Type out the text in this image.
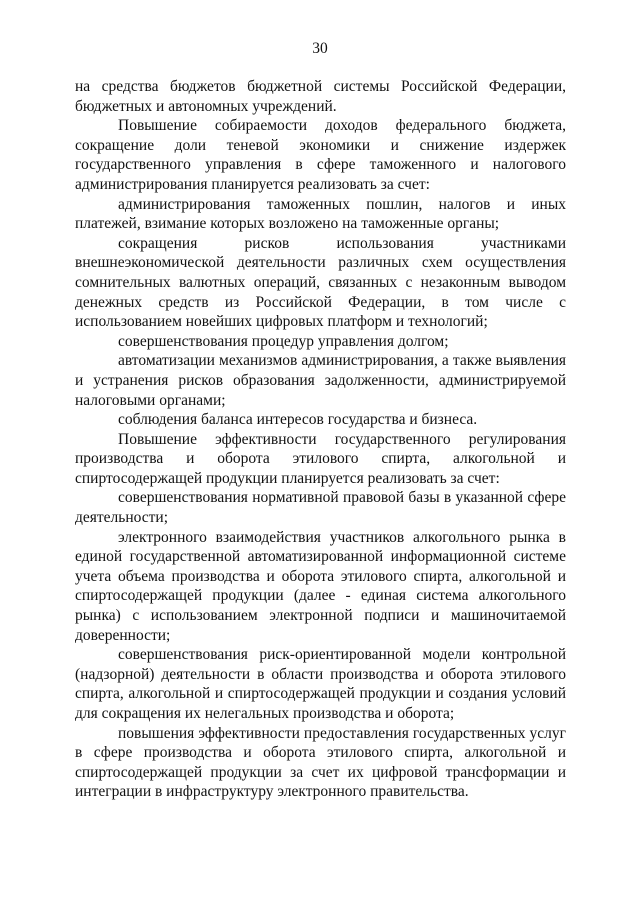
30

на средства бюджетов бюджетной системы Российской Федерации, бюджетных и автономных учреждений.

Повышение собираемости доходов федерального бюджета, сокращение доли теневой экономики и снижение издержек государственного управления в сфере таможенного и налогового администрирования планируется реализовать за счет:

администрирования таможенных пошлин, налогов и иных платежей, взимание которых возложено на таможенные органы;

сокращения рисков использования участниками внешнеэкономической деятельности различных схем осуществления сомнительных валютных операций, связанных с незаконным выводом денежных средств из Российской Федерации, в том числе с использованием новейших цифровых платформ и технологий;

совершенствования процедур управления долгом;

автоматизации механизмов администрирования, а также выявления и устранения рисков образования задолженности, администрируемой налоговыми органами;

соблюдения баланса интересов государства и бизнеса.

Повышение эффективности государственного регулирования производства и оборота этилового спирта, алкогольной и спиртосодержащей продукции планируется реализовать за счет:

совершенствования нормативной правовой базы в указанной сфере деятельности;

электронного взаимодействия участников алкогольного рынка в единой государственной автоматизированной информационной системе учета объема производства и оборота этилового спирта, алкогольной и спиртосодержащей продукции (далее - единая система алкогольного рынка) с использованием электронной подписи и машиночитаемой доверенности;

совершенствования риск-ориентированной модели контрольной (надзорной) деятельности в области производства и оборота этилового спирта, алкогольной и спиртосодержащей продукции и создания условий для сокращения их нелегальных производства и оборота;

повышения эффективности предоставления государственных услуг в сфере производства и оборота этилового спирта, алкогольной и спиртосодержащей продукции за счет их цифровой трансформации и интеграции в инфраструктуру электронного правительства.
